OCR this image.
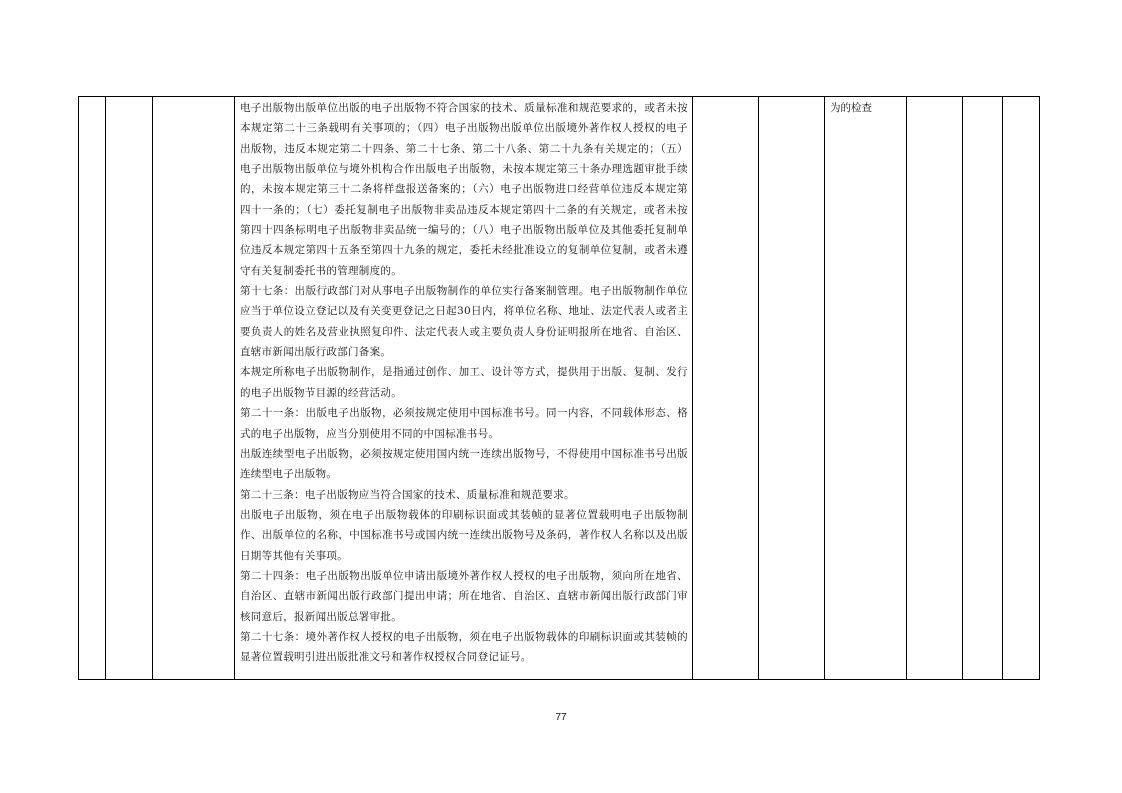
电子出版物出版单位出版的电子出版物不符合国家的技术、质量标准和规范要求的，或者未按本规定第二十三条载明有关事项的；（四）电子出版物出版单位出版境外著作权人授权的电子出版物，违反本规定第二十四条、第二十七条、第二十八条、第二十九条有关规定的；（五）电子出版物出版单位与境外机构合作出版电子出版物，未按本规定第三十条办理选题审批手续的，未按本规定第三十二条将样盘报送备案的；（六）电子出版物进口经营单位违反本规定第四十一条的；（七）委托复制电子出版物非卖品违反本规定第四十二条的有关规定，或者未按第四十四条标明电子出版物非卖品统一编号的；（八）电子出版物出版单位及其他委托复制单位违反本规定第四十五条至第四十九条的规定，委托未经批准设立的复制单位复制，或者未遵守有关复制委托书的管理制度的。

第十七条：出版行政部门对从事电子出版物制作的单位实行备案制管理。电子出版物制作单位应当于单位设立登记以及有关变更登记之日起30日内，将单位名称、地址、法定代表人或者主要负责人的姓名及营业执照复印件、法定代表人或主要负责人身份证明报所在地省、自治区、直辖市新闻出版行政部门备案。

本规定所称电子出版物制作，是指通过创作、加工、设计等方式，提供用于出版、复制、发行的电子出版物节目源的经营活动。

第二十一条：出版电子出版物，必须按规定使用中国标准书号。同一内容，不同载体形态、格式的电子出版物，应当分别使用不同的中国标准书号。

出版连续型电子出版物，必须按规定使用国内统一连续出版物号，不得使用中国标准书号出版连续型电子出版物。

第二十三条：电子出版物应当符合国家的技术、质量标准和规范要求。

出版电子出版物，须在电子出版物载体的印刷标识面或其装帧的显著位置载明电子出版物制作、出版单位的名称，中国标准书号或国内统一连续出版物号及条码，著作权人名称以及出版日期等其他有关事项。

第二十四条：电子出版物出版单位申请出版境外著作权人授权的电子出版物，须向所在地省、自治区、直辖市新闻出版行政部门提出申请；所在地省、自治区、直辖市新闻出版行政部门审核同意后，报新闻出版总署审批。

第二十七条：境外著作权人授权的电子出版物，须在电子出版物载体的印刷标识面或其装帧的显著位置载明引进出版批准文号和著作权授权合同登记证号。

为的检查
77
